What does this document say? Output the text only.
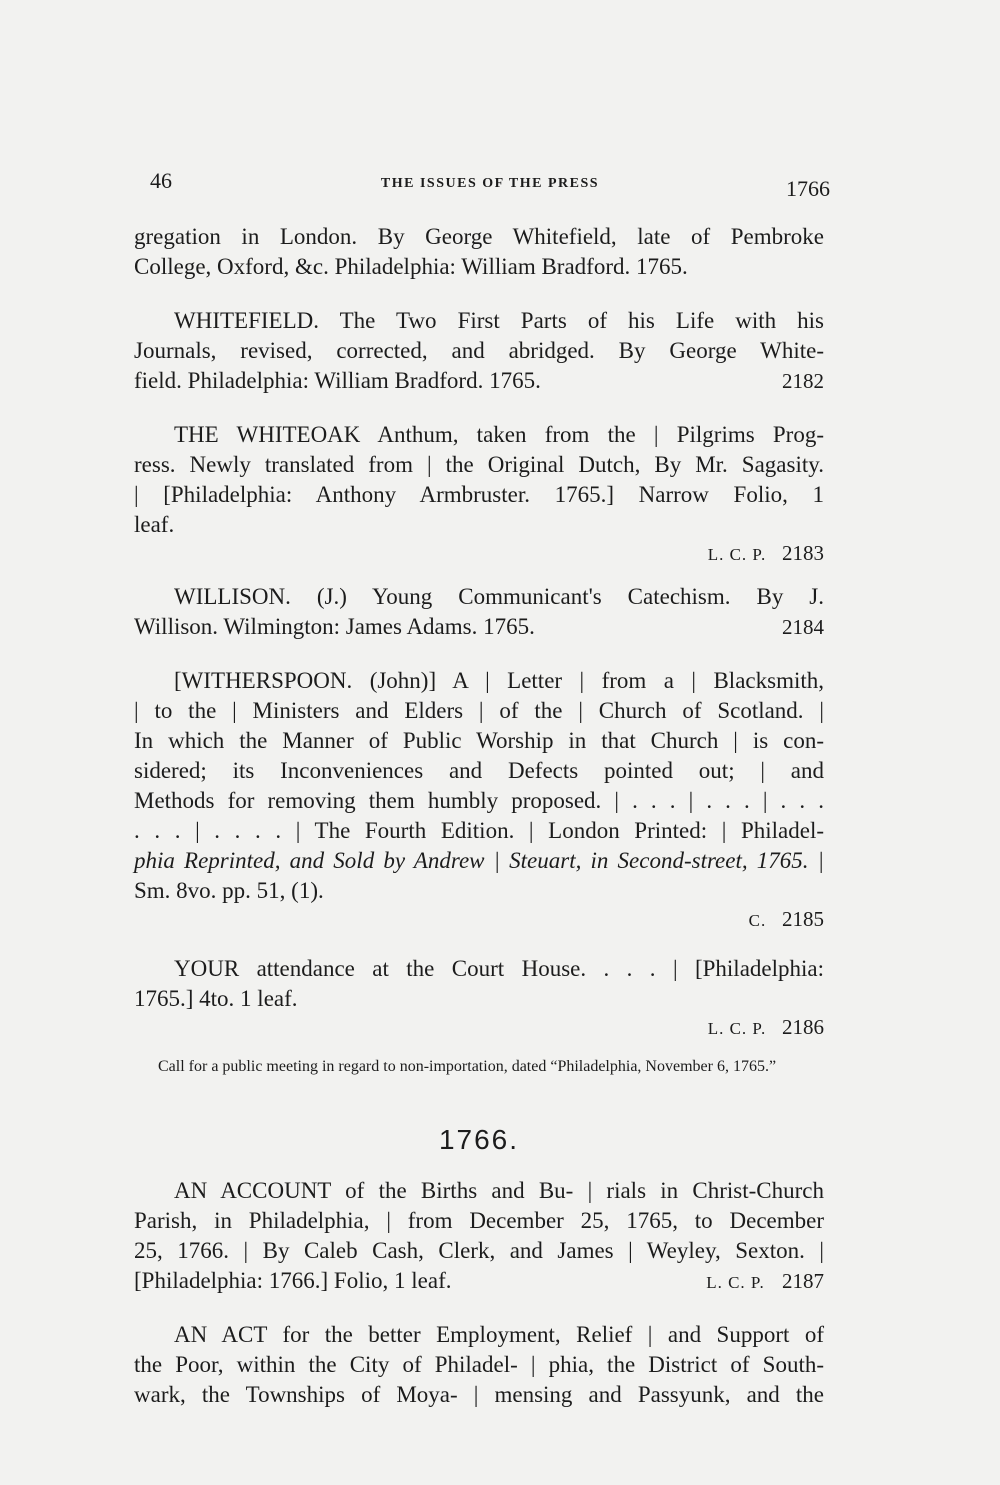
46	THE ISSUES OF THE PRESS	1766
gregation in London. By George Whitefield, late of Pembroke
College, Oxford, &c. Philadelphia: William Bradford. 1765.
WHITEFIELD. The Two First Parts of his Life with his
Journals, revised, corrected, and abridged. By George White-
field. Philadelphia: William Bradford. 1765.	2182
THE WHITEOAK Anthum, taken from the | Pilgrims Prog-
ress. Newly translated from | the Original Dutch, By Mr. Sagasity.
| [Philadelphia: Anthony Armbruster. 1765.] Narrow Folio, 1
leaf.
L. C. P. 2183
WILLISON. (J.) Young Communicant's Catechism. By J.
Willison. Wilmington: James Adams. 1765.	2184
[WITHERSPOON. (John)] A | Letter | from a | Blacksmith,
| to the | Ministers and Elders | of the | Church of Scotland. |
In which the Manner of Public Worship in that Church | is con-
sidered; its Inconveniences and Defects pointed out; | and
Methods for removing them humbly proposed. | . . . | . . . | . . .
. . . | . . . . | The Fourth Edition. | London Printed: | Philadel-
phia Reprinted, and Sold by Andrew | Steuart, in Second-street, 1765. |
Sm. 8vo. pp. 51, (1).
C. 2185
YOUR attendance at the Court House. . . . | [Philadelphia:
1765.] 4to. 1 leaf.
L. C. P. 2186
Call for a public meeting in regard to non-importation, dated “Philadelphia, November 6, 1765.”
1766.
AN ACCOUNT of the Births and Bu- | rials in Christ-Church
Parish, in Philadelphia, | from December 25, 1765, to December
25, 1766. | By Caleb Cash, Clerk, and James | Weyley, Sexton. |
[Philadelphia: 1766.] Folio, 1 leaf.	L. C. P. 2187
AN ACT for the better Employment, Relief | and Support of
the Poor, within the City of Philadel- | phia, the District of South-
wark, the Townships of Moya- | mensing and Passyunk, and the
